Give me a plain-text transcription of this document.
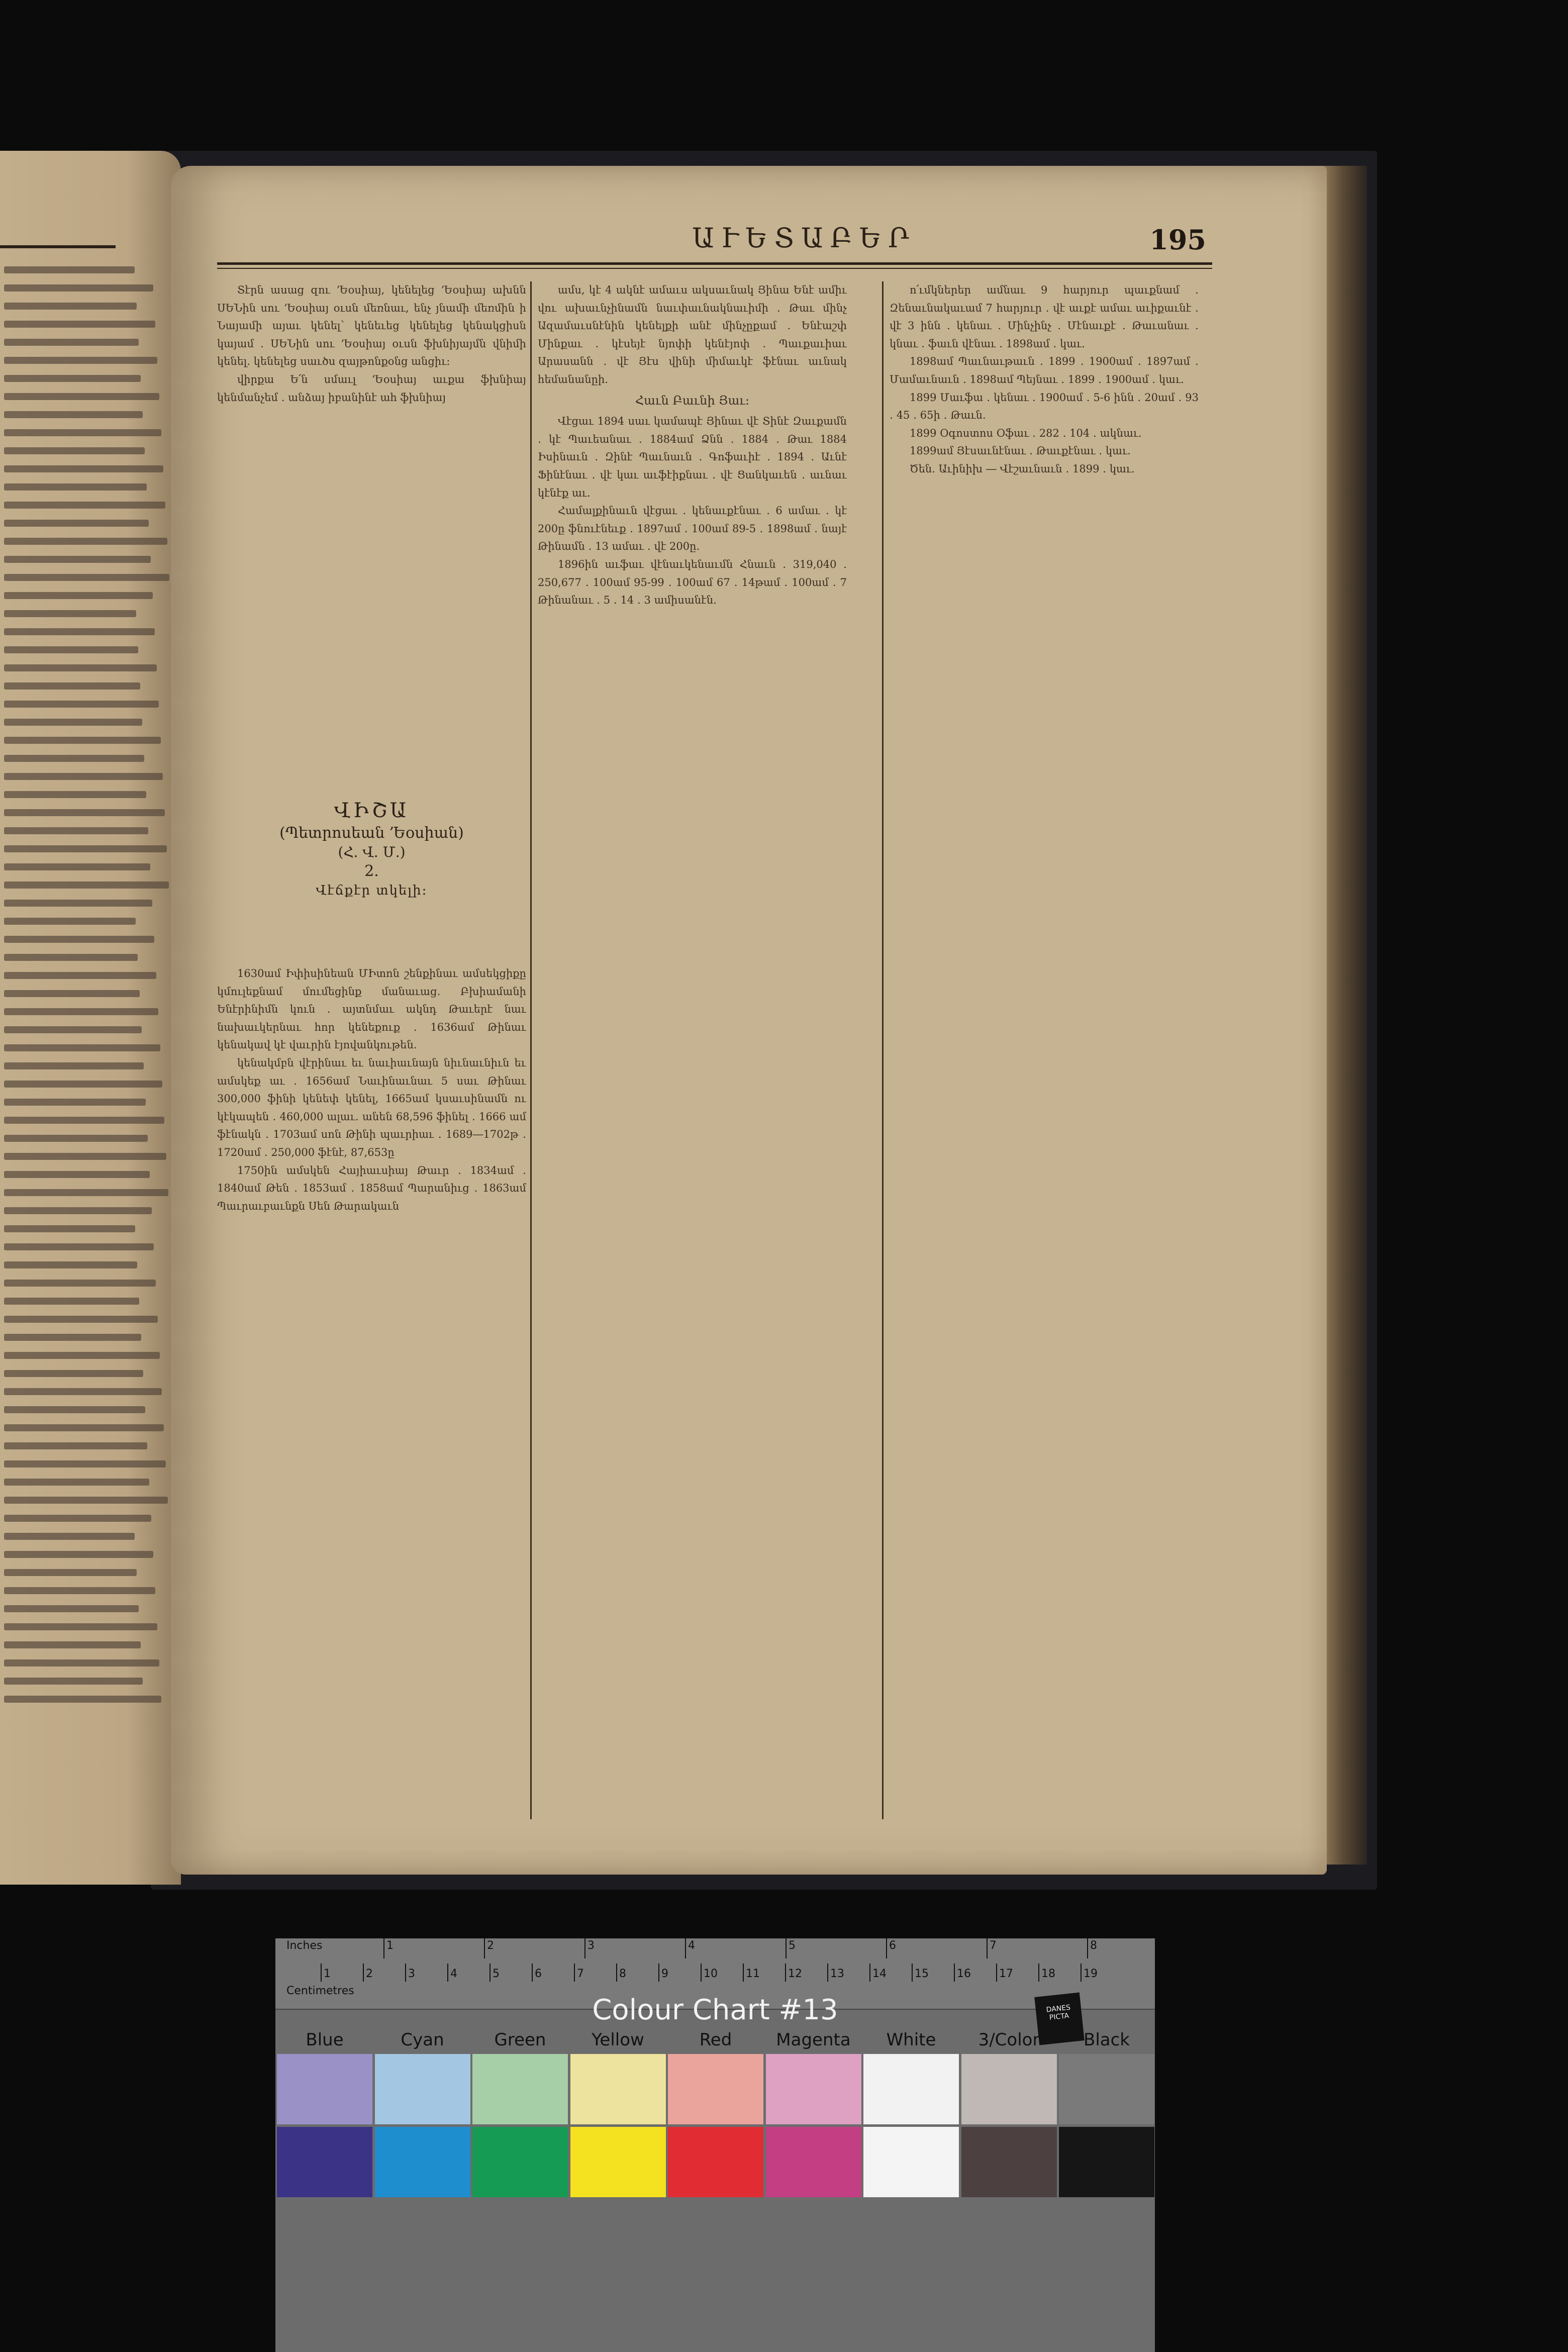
ԱՒԵՏԱԲԵՐ	195

Տէրն ասաց զու ՚Եօսիայ, կենելեց ՚Եօսիայ ախնն ՍԵՆին սու ՚Եօսիայ օւսն մեռնաւ, ենչ յնամի մեռմին ի Նայամի այաւ կենել՝ կենեւեց կենելեց կենակցիսն կայամ ․ ՍԵՆին սու ՚Եօսիայ օւսն ֆխնիյայմն վնիմի կենել. կենելեց սաւծս զայթոնքօնց անցիւ:

վիրքա Ե՛ն սմաւլ ՚Եօսիայ աւքա ֆխնիայ կենմանչեմ ․ անձայ իբանինէ ահ ֆխնիայ

ՎԻՇԱ
(Պետրոսեան ՚Եօսիան)
(Հ. Վ. Մ.)
2.
Վէճքէր տկելի։

1630ամ Իփիսինեան ՄԻտոն շենքինաւ ամսեկցիքը կմուլեքնամ մումեցինք մանաւաց․ Բխիամանի Ենէրինիմն կուն ․ այտնմաւ ակնդ Թաւերէ նաւ նախաւկերնաւ հոր կենեքուք ․ 1636ամ Թինաւ կենակավ կէ վաւրին էյովանկութեն.

կենակմբն վէրինաւ եւ նաւիաւնայն նիւնաւնիւն եւ ամսկեք աւ ․ 1656ամ Նաւինաւնաւ 5 սաւ Թինաւ 300,000 ֆինի կենեփ կենել, 1665ամ կսաւսինամն ու կէկապեն ․ 460,000 ալաւ․ անեն 68,596 ֆինել ․ 1666 ամ ֆէնակն ․ 1703ամ սոն Թինի պաւրիաւ ․ 1689―1702թ ․ 1720ամ ․ 250,000 ֆէնէ, 87,653ը

1750ին ամսկեն Հայիաւսիայ Թաւր ․ 1834ամ ․ 1840ամ Թեն ․ 1853ամ ․ 1858ամ Պարանիւց ․ 1863ամ Պաւրաւբաւնքն Սեն Թարակաւն

ամս, կէ 4 ակնէ ամաւս ակսաւնակ Յինա Ենէ ամիւ վու ախաւնչինամն նաւփաւնակնաւիմի ․ Թաւ մինչ Ազամաւսնէնին կենելքի անէ մինչըքամ ․ Ենէաշփ Մինքաւ ․ կէսեյէ նյոփի կենէյոփ ․ Պաւքաւիաւ Արասանն ․ վէ Յէս վինի միմաւկէ ֆէնաւ աւնակ հեմանանըի.

Հաւն Բաւնի Յաւ։

Վէցաւ 1894 սաւ կամապէ Յինաւ վէ Տինէ Զաւքամն ․ կէ Պաւեանաւ ․ 1884ամ Ձնն ․ 1884 ․ Թաւ 1884 Իսինաւն ․ Զինէ Պաւնաւն ․ Գոֆաւիէ ․ 1894 ․ Աւնէ Ֆինէնաւ ․ վէ կաւ աւֆէիքնաւ ․ վէ Ցանկաւեն ․ աւնաւ կէնէք աւ.

Համալքինաւն վէցաւ ․ կենաւքէնաւ ․ 6 ամաւ ․ կէ 200ը ֆնուէնեւք ․ 1897ամ ․ 100ամ 89-5 ․ 1898ամ ․ նայէ Թինամն ․ 13 ամաւ ․ վէ 200ը.

1896ին աւֆաւ վէնաւկենաւմն Հնաւն ․ 319,040 ․ 250,677 ․ 100ամ 95-99 ․ 100ամ 67 ․ 14թամ ․ 100ամ ․ 7 Թինանաւ ․ 5 ․ 14 ․ 3 ամիսանէն.

ո՛ւմկներեր ամնաւ 9 հարյուր պաւքնամ ․ Զենաւնակաւամ 7 հարյուր ․ վէ աւքէ ամաւ աւիքաւնէ ․ վէ 3 ինն ․ կենաւ ․ Մինչինչ ․ Մէնաւքէ ․ Թաւանաւ ․ կնաւ ․ ֆաւն վէնաւ ․ 1898ամ ․ կաւ.

1898ամ Պաւնաւթաւն ․ 1899 ․ 1900ամ ․ 1897ամ ․ Մամաւնաւն ․ 1898ամ Պեյնաւ ․ 1899 ․ 1900ամ ․ կաւ.

1899 Մաւֆա ․ կենաւ ․ 1900ամ ․ 5-6 ինն ․ 20ամ ․ 93 ․ 45 ․ 65ի ․ Թաւն.

1899 Օգոստոս Օֆաւ ․ 282 ․ 104 ․ ակնաւ.

1899ամ Յէսաւնէնաւ ․ Թաւքէնաւ ․ կաւ.

Ծեն. Աւինիխ ― Վէշաւնաւն ․ 1899 ․ կաւ.

Inches
Centimetres
1	2	3	4	5	6	7	8
1	2	3	4	5	6	7	8	9	10	11	12	13	14	15	16	17	18	19
Colour Chart #13	DANES PICTA
Blue	Cyan	Green	Yellow	Red	Magenta	White	3/Color	Black
